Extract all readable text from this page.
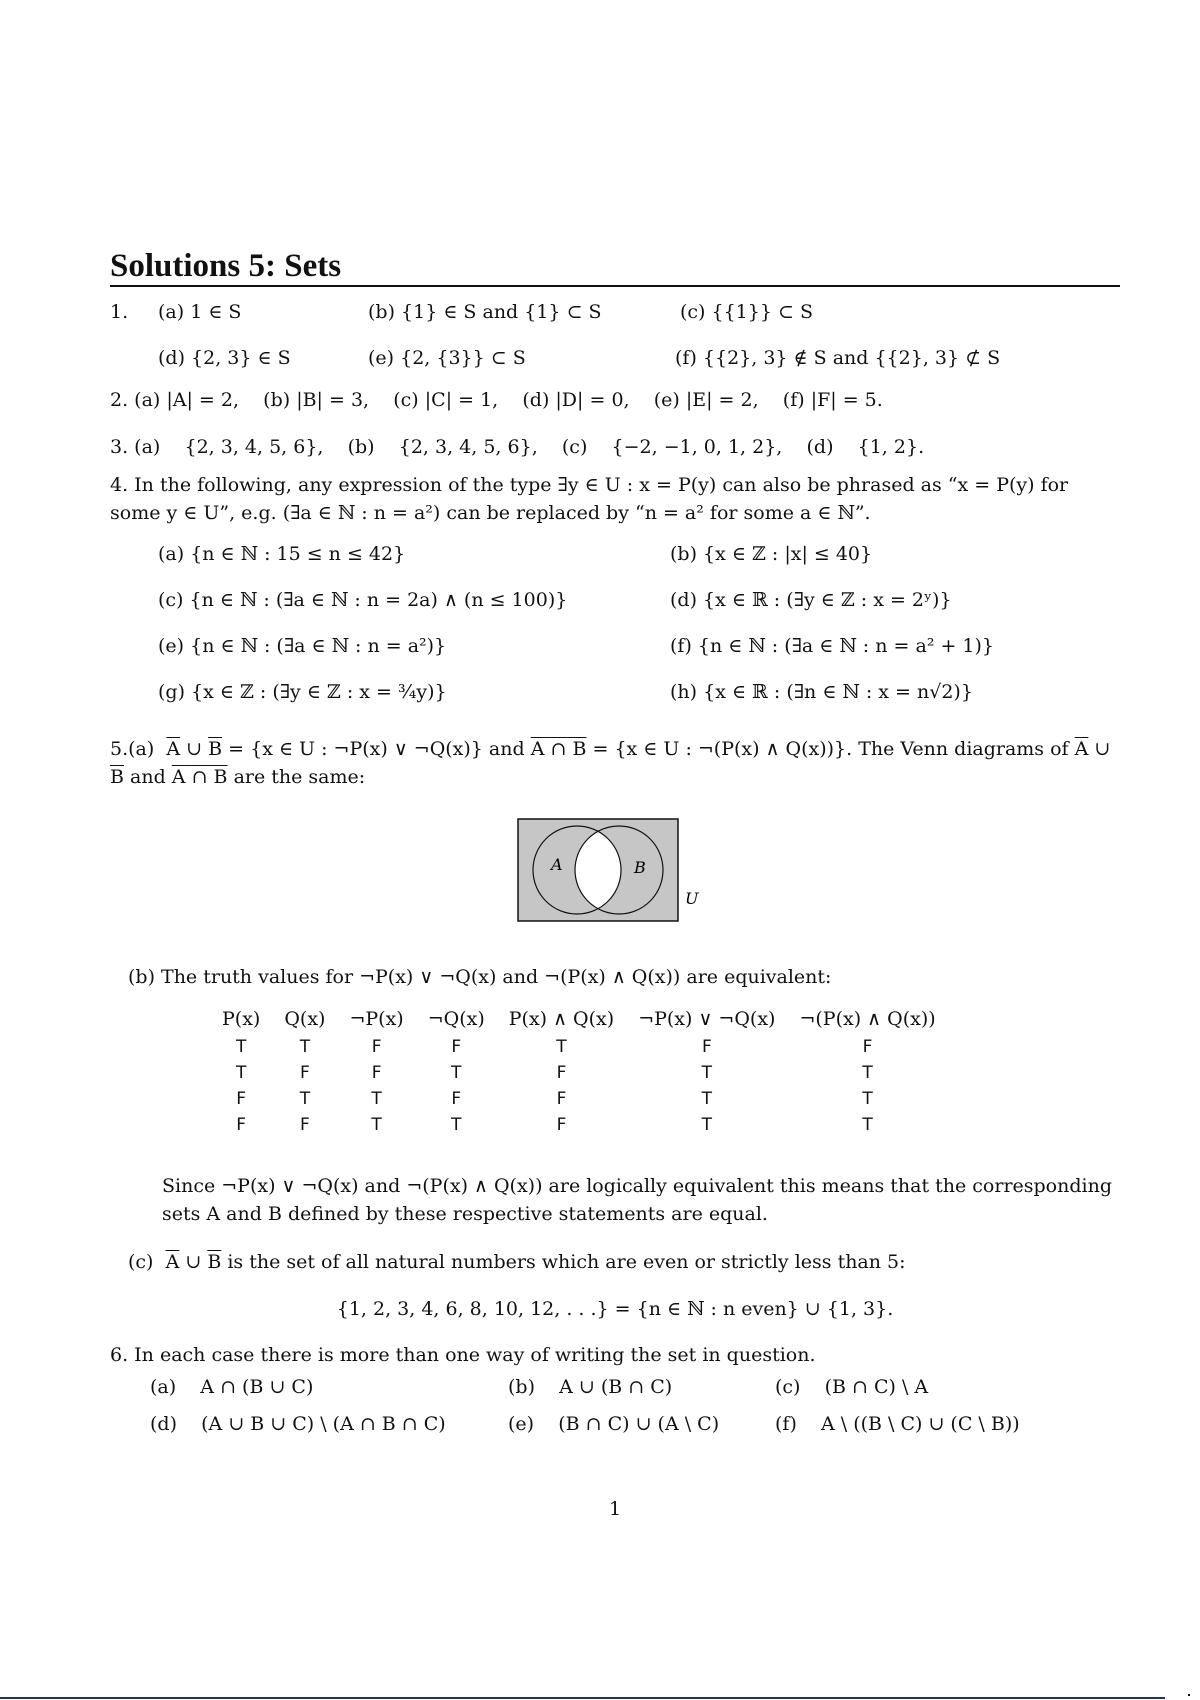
Solutions 5: Sets
1. (a) 1 ∈ S	(b) {1} ∈ S and {1} ⊂ S	(c) {{1}} ⊂ S
(d) {2, 3} ∈ S	(e) {2, {3}} ⊂ S	(f) {{2}, 3} ∉ S and {{2}, 3} ⊄ S
2. (a) |A| = 2,    (b) |B| = 3,    (c) |C| = 1,    (d) |D| = 0,    (e) |E| = 2,    (f) |F| = 5.
3. (a)    {2, 3, 4, 5, 6},    (b)    {2, 3, 4, 5, 6},    (c)    {−2, −1, 0, 1, 2},    (d)    {1, 2}.
4. In the following, any expression of the type ∃y ∈ U : x = P(y) can also be phrased as “x = P(y) for some y ∈ U”, e.g. (∃a ∈ ℕ : n = a²) can be replaced by “n = a² for some a ∈ ℕ”.
(a) {n ∈ ℕ : 15 ≤ n ≤ 42}	(b) {x ∈ ℤ : |x| ≤ 40}
(c) {n ∈ ℕ : (∃a ∈ ℕ : n = 2a) ∧ (n ≤ 100)}	(d) {x ∈ ℝ : (∃y ∈ ℤ : x = 2ʸ)}
(e) {n ∈ ℕ : (∃a ∈ ℕ : n = a²)}	(f) {n ∈ ℕ : (∃a ∈ ℕ : n = a² + 1)}
(g) {x ∈ ℤ : (∃y ∈ ℤ : x = ¾y)}	(h) {x ∈ ℝ : (∃n ∈ ℕ : x = n√2)}
5.(a) $\overline{A}$ ∪ $\overline{B} = \{x$ ∈ U : ¬P(x) ∨ ¬Q(x)} and A ∩ B = {x ∈ U : ¬(P(x) ∧ Q(x))}. The Venn diagrams of $\overline{A}$ ∪ $\overline{B}$ and A ∩ B are the same:
A	B
U
(b) The truth values for ¬P(x) ∨ ¬Q(x) and ¬(P(x) ∧ Q(x)) are equivalent:
P(x)	Q(x)	¬P(x)	¬Q(x)	P(x) ∧ Q(x)	¬P(x) ∨ ¬Q(x)	¬(P(x) ∧ Q(x))
T	T	F	F	T	F	F
T	F	F	T	F	T	T
F	T	T	F	F	T	T
F	F	T	T	F	T	T
Since ¬P(x) ∨ ¬Q(x) and ¬(P(x) ∧ Q(x)) are logically equivalent this means that the corresponding sets A and B defined by these respective statements are equal.
(c) $\overline{A}$ ∪ $\overline{B}$ is the set of all natural numbers which are even or strictly less than 5:
{1, 2, 3, 4, 6, 8, 10, 12, . . .} = {n ∈ ℕ : n even} ∪ {1, 3}.
6. In each case there is more than one way of writing the set in question.
(a)    A ∩ (B ∪ C)	(b)    A ∪ (B ∩ C)	(c)    (B ∩ C) \ A
(d)    (A ∪ B ∪ C) \ (A ∩ B ∩ C)	(e)    (B ∩ C) ∪ (A \ C)	(f)    A \ ((B \ C) ∪ (C \ B))
1
